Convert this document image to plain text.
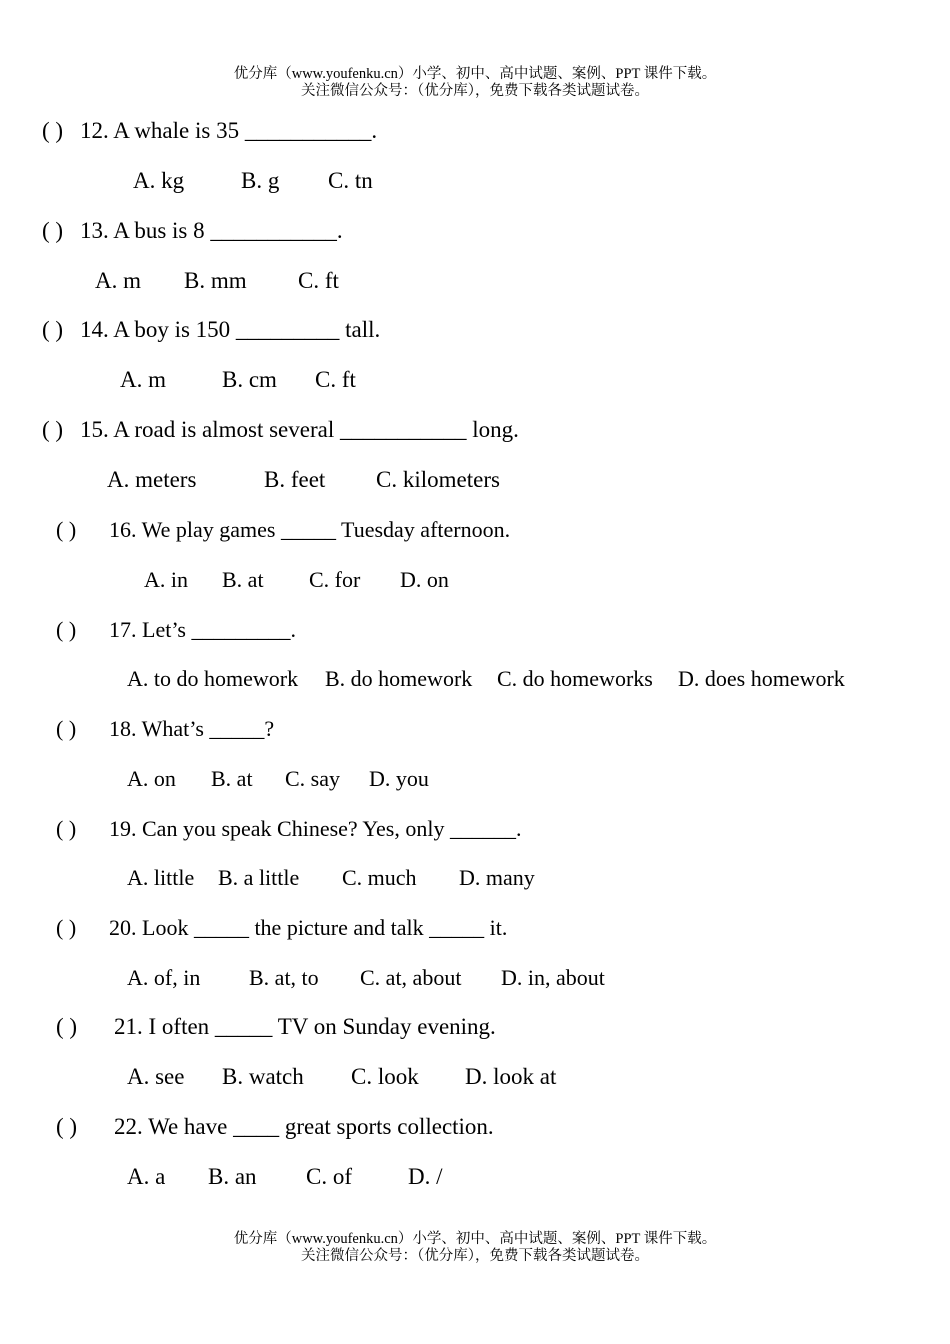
优分库（www.youfenku.cn）小学、初中、高中试题、案例、PPT 课件下载。
关注微信公众号：（优分库），免费下载各类试题试卷。
( ) 12. A whale is 35 ___________.
A. kg B. g C. tn
( ) 13. A bus is 8 ___________.
A. m B. mm C. ft
( ) 14. A boy is 150 _________ tall.
A. m B. cm C. ft
( ) 15. A road is almost several ___________ long.
A. meters	B. feet C. kilometers
( ) 16. We play games _____ Tuesday afternoon.
A. in B. at C. for D. on
( ) 17. Let’s _________.
A. to do homework B. do homework C. do homeworks D. does homework
( ) 18. What’s _____?
A. on B. at C. say D. you
( ) 19. Can you speak Chinese? Yes, only ______.
A. little B. a little C. much D. many
( ) 20. Look _____ the picture and talk _____ it.
A. of, in B. at, to C. at, about D. in, about
( ) 21. I often _____ TV on Sunday evening.
A. see B. watch C. look D. look at
( ) 22. We have ____ great sports collection.
A. a B. an C. of D. /
优分库（www.youfenku.cn）小学、初中、高中试题、案例、PPT 课件下载。
关注微信公众号：（优分库），免费下载各类试题试卷。
